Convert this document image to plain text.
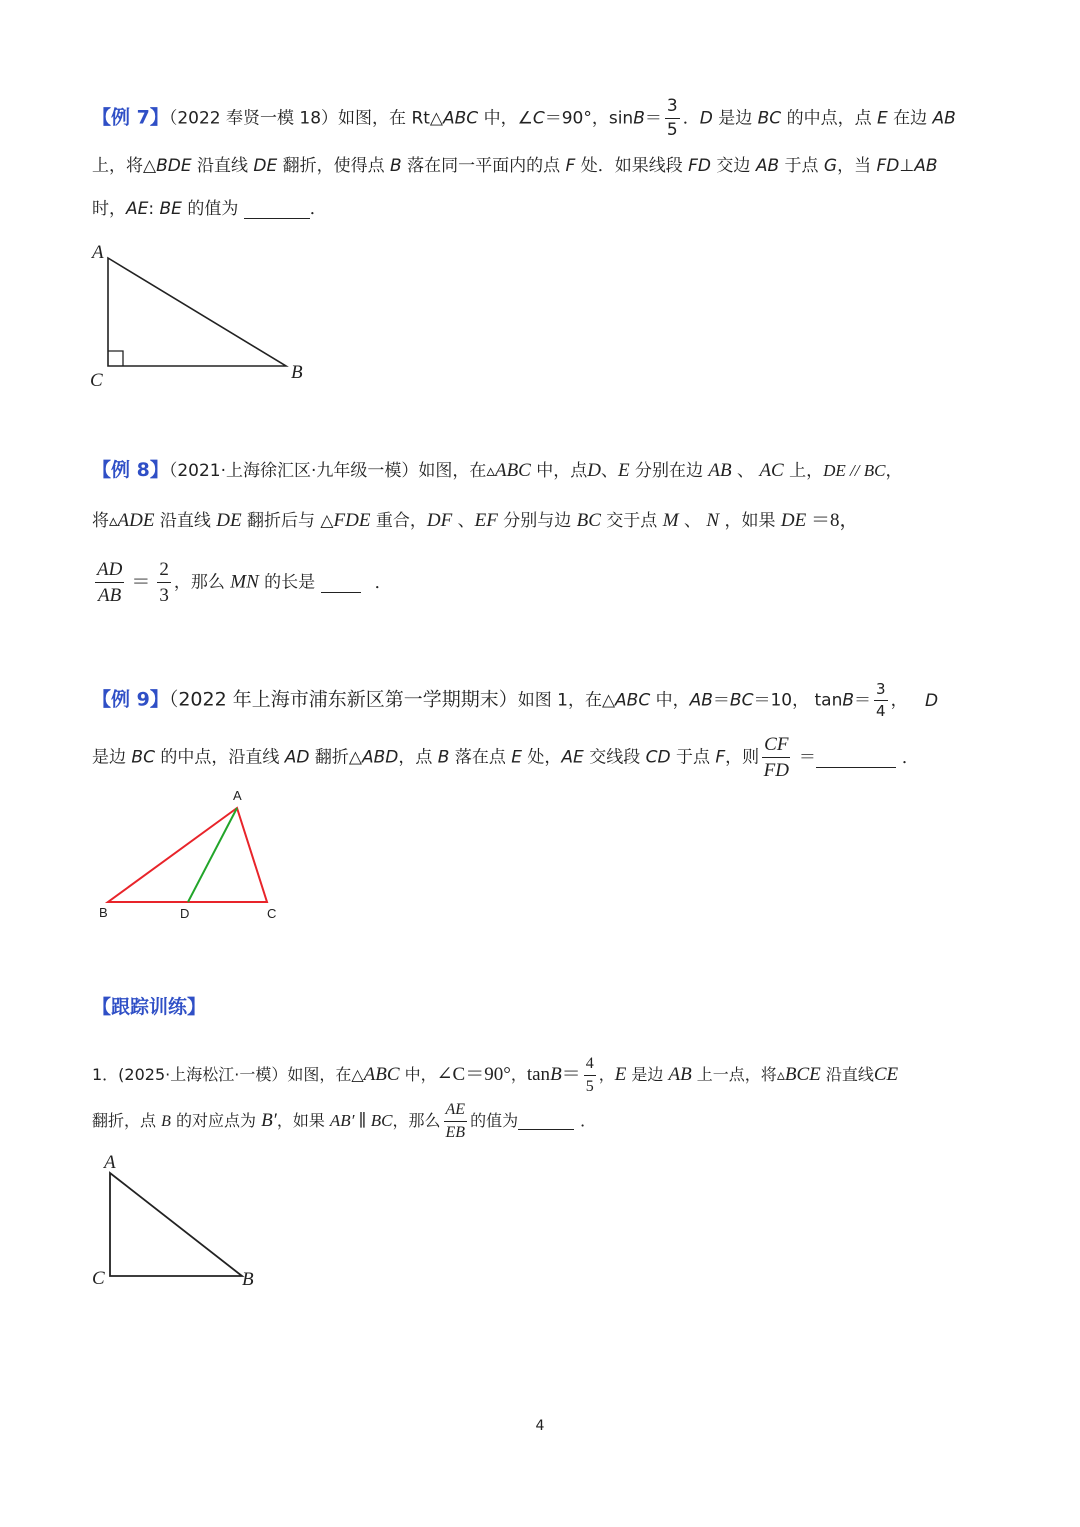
【例 7】（2022 奉贤一模 18）如图，在 Rt△ABC 中，∠C＝90°，$\sin B= \frac{3}{5}$ ．D 是边 BC 的中点，点 E 在边 AB
上，将△BDE 沿直线 DE 翻折，使得点 B 落在同一平面内的点 F 处．如果线段 FD 交边 AB 于点 G，当 FD⊥AB
时，AE: BE 的值为	．
A
C	B
【例 8】（2021·上海徐汇区·九年级一模）如图，在▵ABC 中，点D、E 分别在边 AB 、 AC 上，DE // BC，
将▵ADE 沿直线 DE 翻折后与 △FDE 重合，DF 、EF 分别与边 BC 交于点 M 、 N ，如果 DE ＝8，
$\frac{AD}{AB} = \frac{2}{3}$ ，那么 MN 的长是	．
【例 9】（2022 年上海市浦东新区第一学期期末）如图 1，在△ABC 中，AB＝BC＝10， $\tan B= \frac{3}{4}$ ， D
是边 BC 的中点，沿直线 AD 翻折△ABD，点 B 落在点 E 处，AE 交线段 CD 于点 F，则 $\frac{CF}{FD}$ ＝	．
A
B	D	C
【跟踪训练】
1．(2025·上海松江·一模）如图，在△ABC 中，∠C＝90°，$\tan B= \frac{4}{5}$ ，E 是边 AB 上一点，将▵BCE 沿直线CE
翻折，点 B 的对应点为 B′，如果 AB′ ∥ BC，那么 $\frac{AE}{EB}$ 的值为	．
A
C	B
4
